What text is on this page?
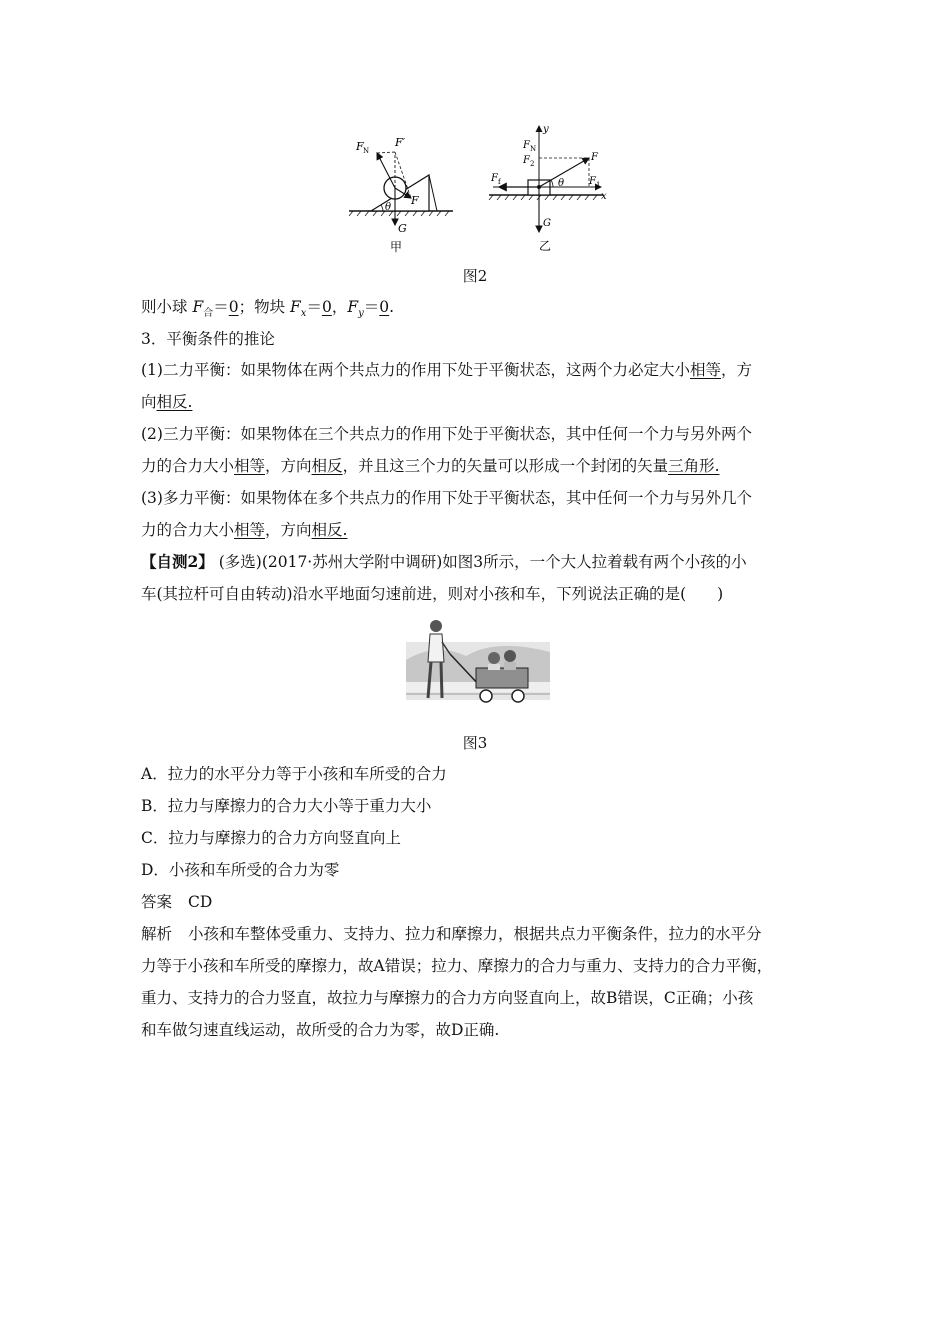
F N
F′
F
θ
G
甲
y
x
F N
F 2
F
F f	F 1
θ
G
乙
图2
则小球 $F_合=0$；物块 $F_x=0$，$F_y=0$.
3．平衡条件的推论
(1)二力平衡：如果物体在两个共点力的作用下处于平衡状态，这两个力必定大小相等，方
向相反.
(2)三力平衡：如果物体在三个共点力的作用下处于平衡状态，其中任何一个力与另外两个
力的合力大小相等，方向相反，并且这三个力的矢量可以形成一个封闭的矢量三角形.
(3)多力平衡：如果物体在多个共点力的作用下处于平衡状态，其中任何一个力与另外几个
力的合力大小相等，方向相反.
【自测2】 (多选)(2017·苏州大学附中调研)如图3所示，一个大人拉着载有两个小孩的小
车(其拉杆可自由转动)沿水平地面匀速前进，则对小孩和车，下列说法正确的是(　　)
图3
A．拉力的水平分力等于小孩和车所受的合力
B．拉力与摩擦力的合力大小等于重力大小
C．拉力与摩擦力的合力方向竖直向上
D．小孩和车所受的合力为零
答案 CD
解析 小孩和车整体受重力、支持力、拉力和摩擦力，根据共点力平衡条件，拉力的水平分
力等于小孩和车所受的摩擦力，故A错误；拉力、摩擦力的合力与重力、支持力的合力平衡，
重力、支持力的合力竖直，故拉力与摩擦力的合力方向竖直向上，故B错误，C正确；小孩
和车做匀速直线运动，故所受的合力为零，故D正确.
